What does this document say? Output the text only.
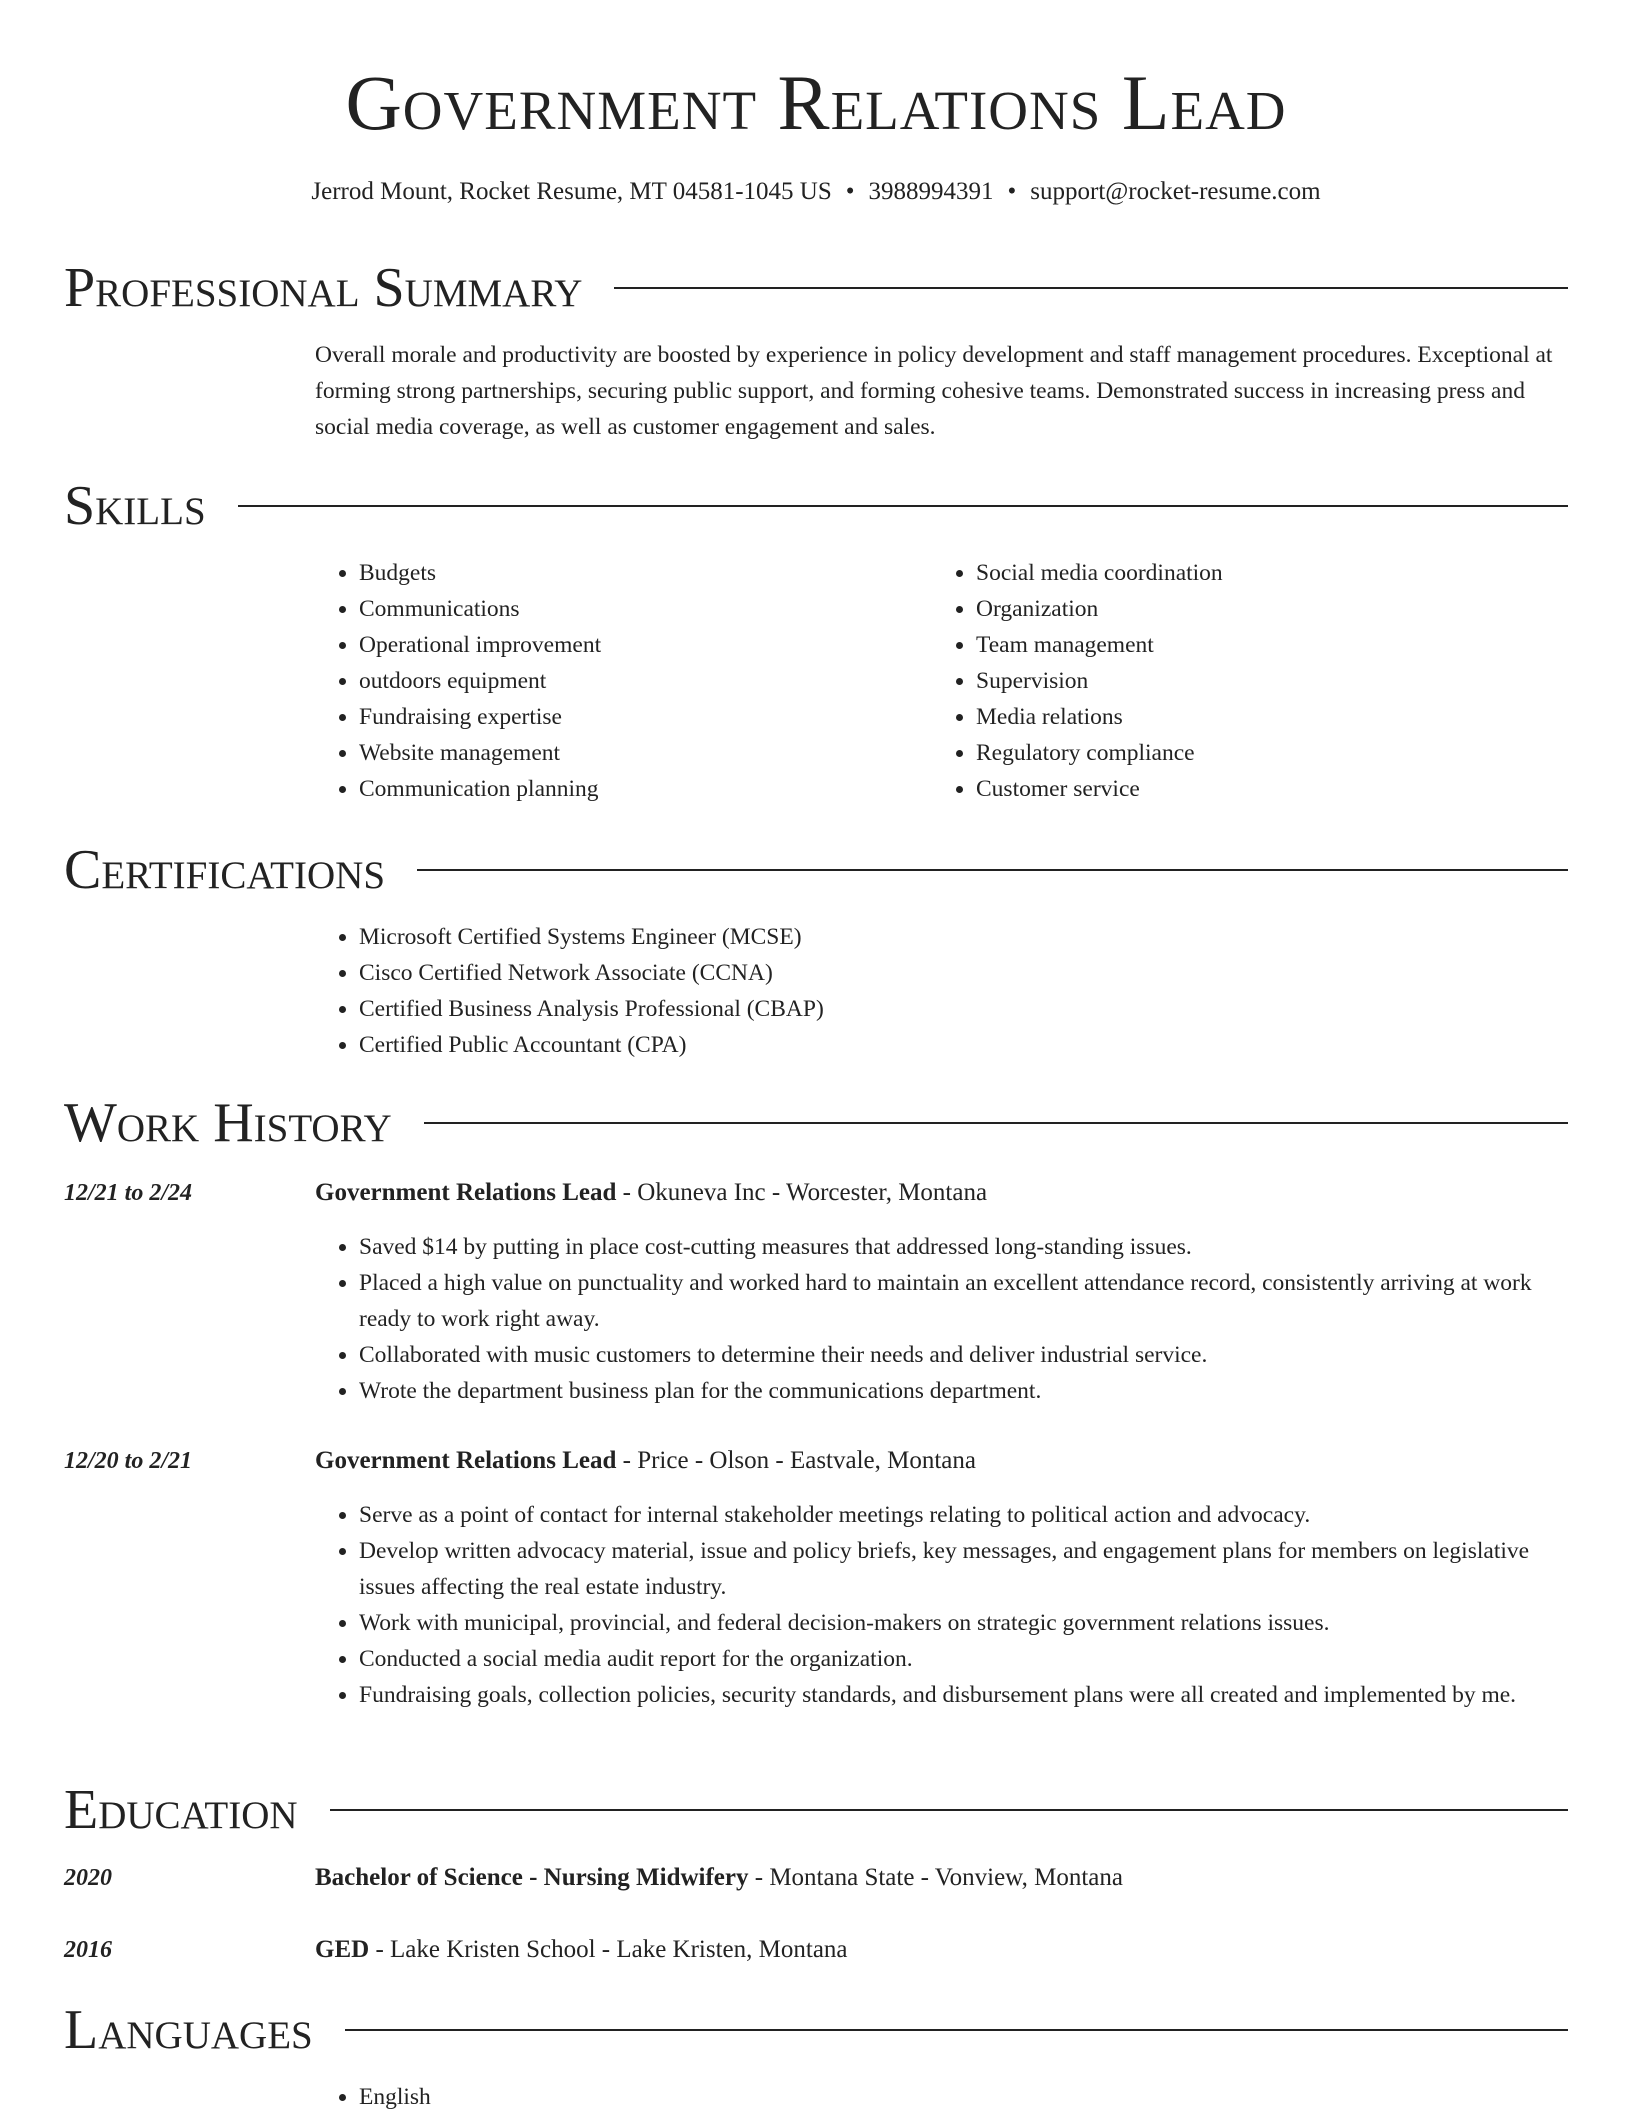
Government Relations Lead
Jerrod Mount, Rocket Resume, MT 04581-1045 US • 3988994391 • support@rocket-resume.com
Professional Summary
Overall morale and productivity are boosted by experience in policy development and staff management procedures. Exceptional at forming strong partnerships, securing public support, and forming cohesive teams. Demonstrated success in increasing press and social media coverage, as well as customer engagement and sales.
Skills
• Budgets
• Communications
• Operational improvement
• outdoors equipment
• Fundraising expertise
• Website management
• Communication planning
• Social media coordination
• Organization
• Team management
• Supervision
• Media relations
• Regulatory compliance
• Customer service
Certifications
• Microsoft Certified Systems Engineer (MCSE)
• Cisco Certified Network Associate (CCNA)
• Certified Business Analysis Professional (CBAP)
• Certified Public Accountant (CPA)
Work History
12/21 to 2/24	Government Relations Lead - Okuneva Inc - Worcester, Montana
• Saved $14 by putting in place cost-cutting measures that addressed long-standing issues.
• Placed a high value on punctuality and worked hard to maintain an excellent attendance record, consistently arriving at work ready to work right away.
• Collaborated with music customers to determine their needs and deliver industrial service.
• Wrote the department business plan for the communications department.
12/20 to 2/21	Government Relations Lead - Price - Olson - Eastvale, Montana
• Serve as a point of contact for internal stakeholder meetings relating to political action and advocacy.
• Develop written advocacy material, issue and policy briefs, key messages, and engagement plans for members on legislative issues affecting the real estate industry.
• Work with municipal, provincial, and federal decision-makers on strategic government relations issues.
• Conducted a social media audit report for the organization.
• Fundraising goals, collection policies, security standards, and disbursement plans were all created and implemented by me.
Education
2020	Bachelor of Science - Nursing Midwifery - Montana State - Vonview, Montana
2016	GED - Lake Kristen School - Lake Kristen, Montana
Languages
• English
